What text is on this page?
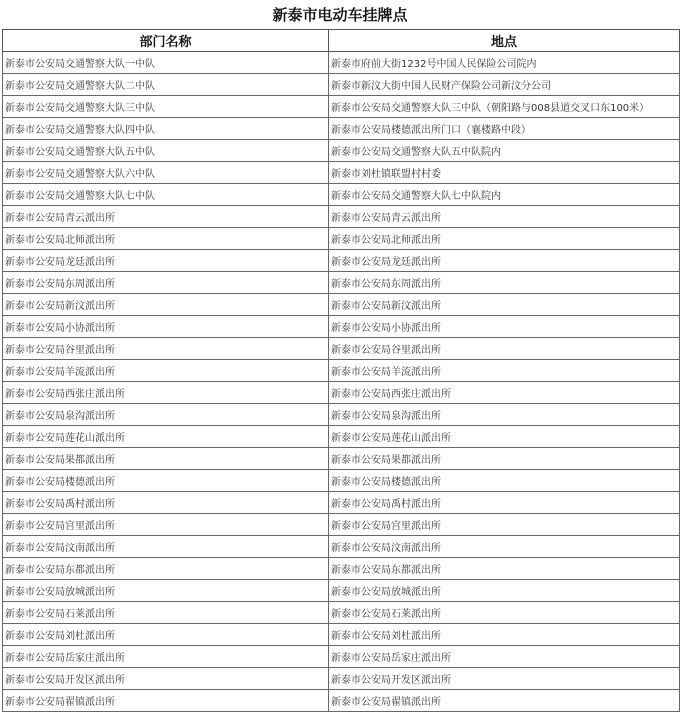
新泰市电动车挂牌点
部门名称	地点
新泰市公安局交通警察大队一中队	新泰市府前大街1232号中国人民保险公司院内
新泰市公安局交通警察大队二中队	新泰市新汶大街中国人民财产保险公司新汶分公司
新泰市公安局交通警察大队三中队	新泰市公安局交通警察大队三中队（朝阳路与008县道交叉口东100米）
新泰市公安局交通警察大队四中队	新泰市公安局楼德派出所门口（襄楼路中段）
新泰市公安局交通警察大队五中队	新泰市公安局交通警察大队五中队院内
新泰市公安局交通警察大队六中队	新泰市刘杜镇联盟村村委
新泰市公安局交通警察大队七中队	新泰市公安局交通警察大队七中队院内
新泰市公安局青云派出所	新泰市公安局青云派出所
新泰市公安局北师派出所	新泰市公安局北师派出所
新泰市公安局龙廷派出所	新泰市公安局龙廷派出所
新泰市公安局东周派出所	新泰市公安局东周派出所
新泰市公安局新汶派出所	新泰市公安局新汶派出所
新泰市公安局小协派出所	新泰市公安局小协派出所
新泰市公安局谷里派出所	新泰市公安局谷里派出所
新泰市公安局羊流派出所	新泰市公安局羊流派出所
新泰市公安局西张庄派出所	新泰市公安局西张庄派出所
新泰市公安局泉沟派出所	新泰市公安局泉沟派出所
新泰市公安局莲花山派出所	新泰市公安局莲花山派出所
新泰市公安局果都派出所	新泰市公安局果都派出所
新泰市公安局楼德派出所	新泰市公安局楼德派出所
新泰市公安局禹村派出所	新泰市公安局禹村派出所
新泰市公安局宫里派出所	新泰市公安局宫里派出所
新泰市公安局汶南派出所	新泰市公安局汶南派出所
新泰市公安局东都派出所	新泰市公安局东都派出所
新泰市公安局放城派出所	新泰市公安局放城派出所
新泰市公安局石莱派出所	新泰市公安局石莱派出所
新泰市公安局刘杜派出所	新泰市公安局刘杜派出所
新泰市公安局岳家庄派出所	新泰市公安局岳家庄派出所
新泰市公安局开发区派出所	新泰市公安局开发区派出所
新泰市公安局翟镇派出所	新泰市公安局翟镇派出所
